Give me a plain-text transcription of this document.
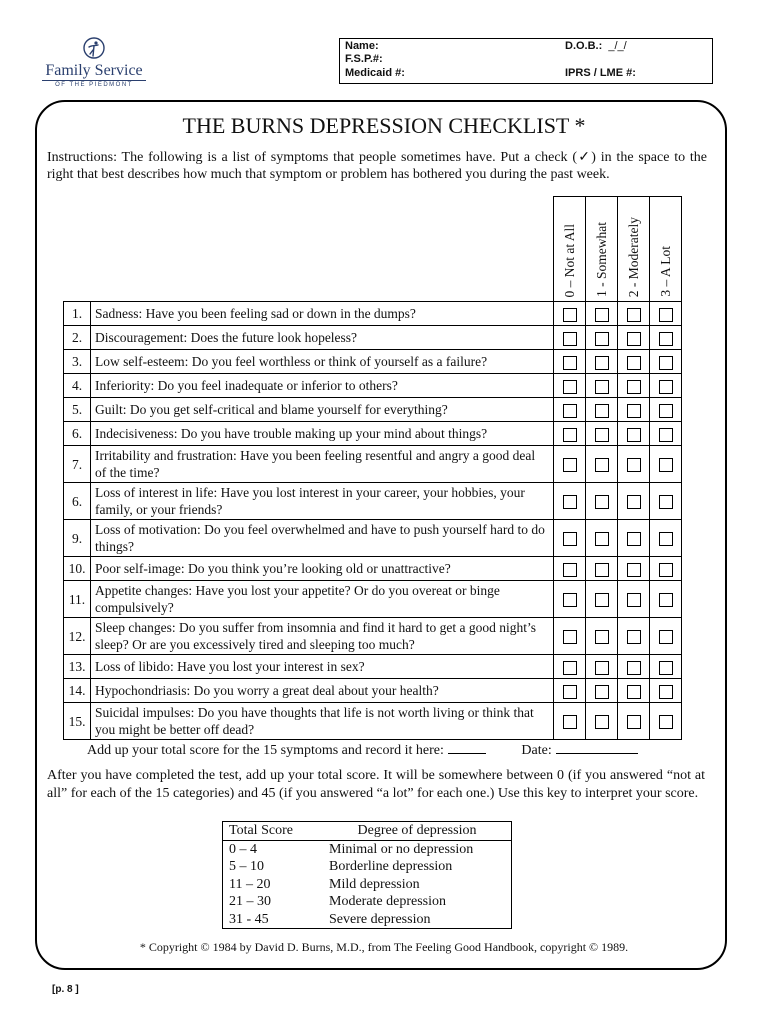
Family Service
OF THE PIEDMONT
Name:
F.S.P.#:
Medicaid #:
D.O.B.: _/_/
IPRS / LME #:
THE BURNS DEPRESSION CHECKLIST *
Instructions: The following is a list of symptoms that people sometimes have. Put a check (✓) in the space to the right that best describes how much that symptom or problem has bothered you during the past week.
		0 – Not at All	1 - Somewhat	2 - Moderately	3 – A Lot
1.	Sadness: Have you been feeling sad or down in the dumps?				
2.	Discouragement: Does the future look hopeless?				
3.	Low self-esteem: Do you feel worthless or think of yourself as a failure?				
4.	Inferiority: Do you feel inadequate or inferior to others?				
5.	Guilt: Do you get self-critical and blame yourself for everything?				
6.	Indecisiveness: Do you have trouble making up your mind about things?				
7.	Irritability and frustration: Have you been feeling resentful and angry a good deal of the time?				
6.	Loss of interest in life: Have you lost interest in your career, your hobbies, your family, or your friends?				
9.	Loss of motivation: Do you feel overwhelmed and have to push yourself hard to do things?				
10.	Poor self-image: Do you think you’re looking old or unattractive?				
11.	Appetite changes: Have you lost your appetite? Or do you overeat or binge compulsively?				
12.	Sleep changes: Do you suffer from insomnia and find it hard to get a good night’s sleep? Or are you excessively tired and sleeping too much?				
13.	Loss of libido: Have you lost your interest in sex?				
14.	Hypochondriasis: Do you worry a great deal about your health?				
15.	Suicidal impulses: Do you have thoughts that life is not worth living or think that you might be better off dead?				
Add up your total score for the 15 symptoms and record it here:	Date:
After you have completed the test, add up your total score. It will be somewhere between 0 (if you answered “not at all” for each of the 15 categories) and 45 (if you answered “a lot” for each one.) Use this key to interpret your score.
Total Score	Degree of depression
0 – 4	Minimal or no depression
5 – 10	Borderline depression
11 – 20	Mild depression
21 – 30	Moderate depression
31 - 45	Severe depression
* Copyright © 1984 by David D. Burns, M.D., from The Feeling Good Handbook, copyright © 1989.
[p. 8 ]
